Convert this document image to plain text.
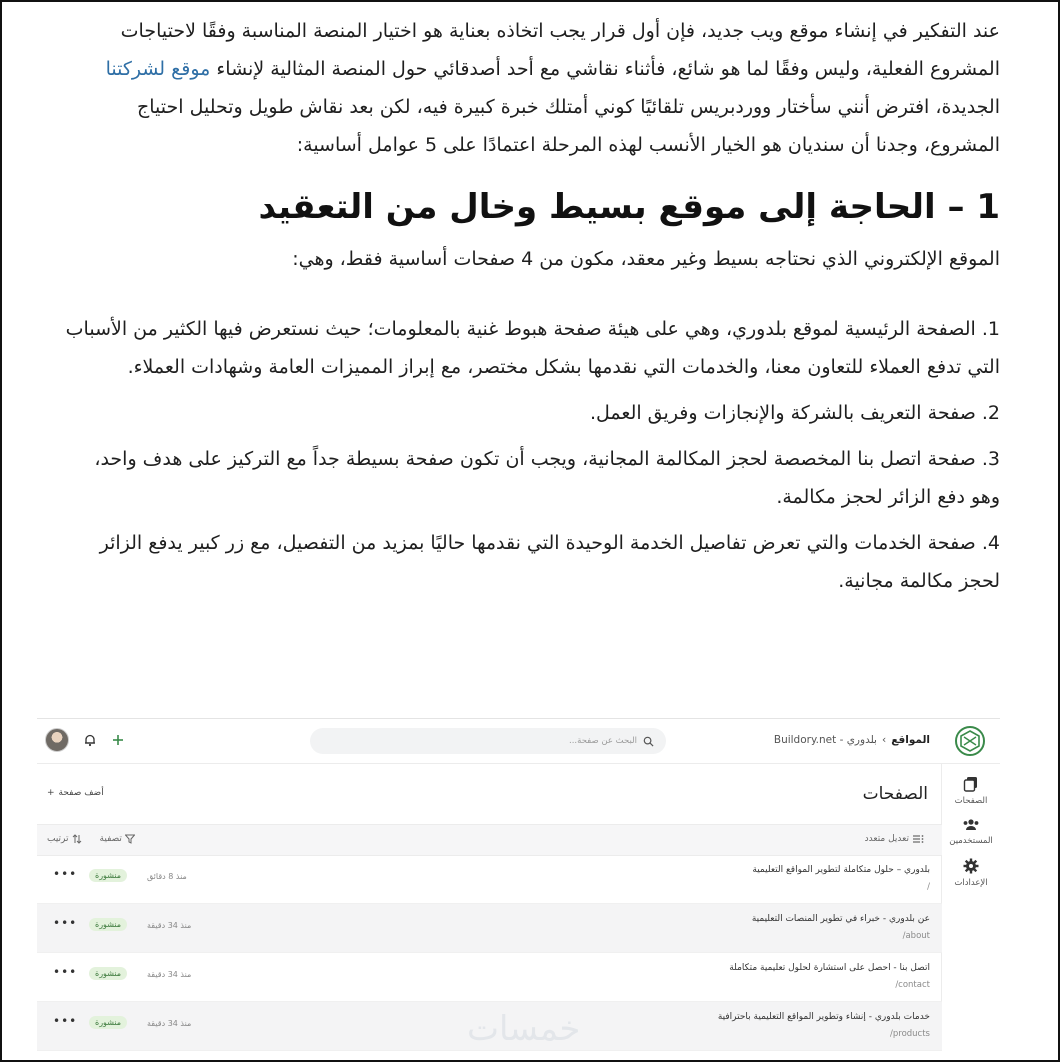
عند التفكير في إنشاء موقع ويب جديد، فإن أول قرار يجب اتخاذه بعناية هو اختيار المنصة المناسبة وفقًا لاحتياجات المشروع الفعلية، وليس وفقًا لما هو شائع، فأثناء نقاشي مع أحد أصدقائي حول المنصة المثالية لإنشاء موقع لشركتنا الجديدة، افترض أنني سأختار ووردبريس تلقائيًا كوني أمتلك خبرة كبيرة فيه، لكن بعد نقاش طويل وتحليل احتياج المشروع، وجدنا أن سنديان هو الخيار الأنسب لهذه المرحلة اعتمادًا على 5 عوامل أساسية:

1 – الحاجة إلى موقع بسيط وخال من التعقيد

الموقع الإلكتروني الذي نحتاجه بسيط وغير معقد، مكون من 4 صفحات أساسية فقط، وهي:

1. الصفحة الرئيسية لموقع بلدوري، وهي على هيئة صفحة هبوط غنية بالمعلومات؛ حيث نستعرض فيها الكثير من الأسباب التي تدفع العملاء للتعاون معنا، والخدمات التي نقدمها بشكل مختصر، مع إبراز المميزات العامة وشهادات العملاء.

2. صفحة التعريف بالشركة والإنجازات وفريق العمل.

3. صفحة اتصل بنا المخصصة لحجز المكالمة المجانية، ويجب أن تكون صفحة بسيطة جداً مع التركيز على هدف واحد، وهو دفع الزائر لحجز مكالمة.

4. صفحة الخدمات والتي تعرض تفاصيل الخدمة الوحيدة التي نقدمها حاليًا بمزيد من التفصيل، مع زر كبير يدفع الزائر لحجز مكالمة مجانية.

المواقع
›
بلدوري - Buildory.net
البحث عن صفحة...
الصفحات
المستخدمين
الإعدادات
الصفحات
أضف صفحة
+
تعديل متعدد
تصفية
ترتيب
بلدوري – حلول متكاملة لتطوير المواقع التعليمية
/
منذ 8 دقائق
منشورة
•••
عن بلدوري - خبراء في تطوير المنصات التعليمية
/about
منذ 34 دقيقة
منشورة
•••
اتصل بنا - احصل على استشارة لحلول تعليمية متكاملة
/contact
منذ 34 دقيقة
منشورة
•••
خدمات بلدوري - إنشاء وتطوير المواقع التعليمية باحترافية
/products
منذ 34 دقيقة
منشورة
•••	خمسات
